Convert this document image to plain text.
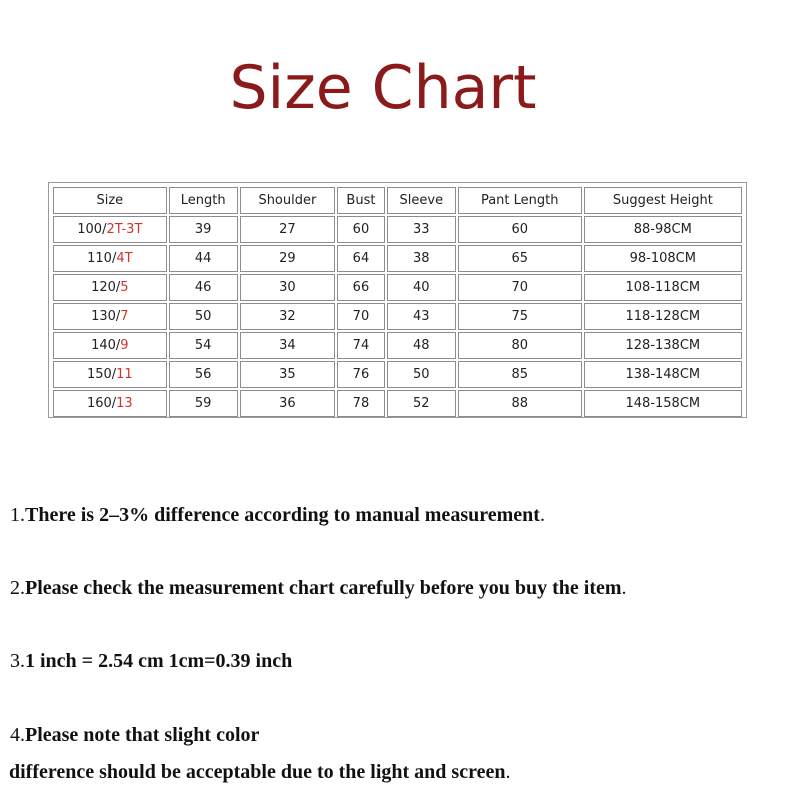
Size Chart
Size	Length	Shoulder	Bust	Sleeve	Pant Length	Suggest Height
100/2T-3T	39	27	60	33	60	88-98CM
110/4T	44	29	64	38	65	98-108CM
120/5	46	30	66	40	70	108-118CM
130/7	50	32	70	43	75	118-128CM
140/9	54	34	74	48	80	128-138CM
150/11	56	35	76	50	85	138-148CM
160/13	59	36	78	52	88	148-158CM
1.There is 2–3% difference according to manual measurement.
2.Please check the measurement chart carefully before you buy the item.
3.1 inch = 2.54 cm 1cm=0.39 inch
4.Please note that slight color
difference should be acceptable due to the light and screen.
